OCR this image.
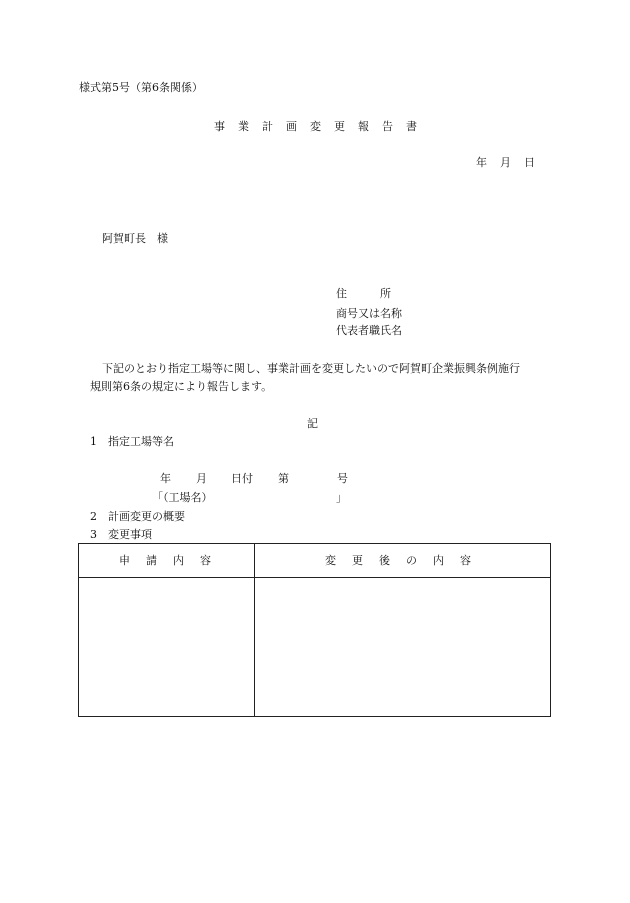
様式第5号（第6条関係）
事業計画変更報告書
年 月 日
阿賀町長　様
住　　　所
商号又は名称
代表者職氏名
下記のとおり指定工場等に関し、事業計画を変更したいので阿賀町企業振興条例施行
規則第6条の規定により報告します。
記
1 指定工場等名
年 月 日付 第	号
「（工場名）	」
2 計画変更の概要
3 変更事項
申請内容	変更後の内容
